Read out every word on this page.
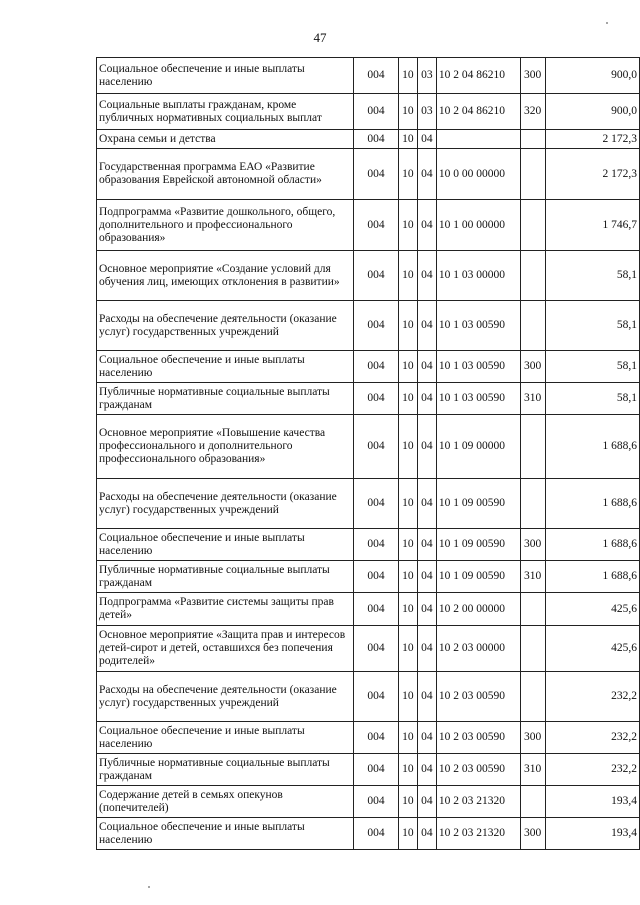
47
Социальное обеспечение и иные выплаты населению	004	10	03	10 2 04 86210	300	900,0
Социальные выплаты гражданам, кроме публичных нормативных социальных выплат	004	10	03	10 2 04 86210	320	900,0
Охрана семьи и детства	004	10	04			2 172,3
Государственная программа ЕАО «Развитие образования Еврейской автономной области»	004	10	04	10 0 00 00000		2 172,3
Подпрограмма «Развитие дошкольного, общего, дополнительного и профессионального образования»	004	10	04	10 1 00 00000		1 746,7
Основное мероприятие «Создание условий для обучения лиц, имеющих отклонения в развитии»	004	10	04	10 1 03 00000		58,1
Расходы на обеспечение деятельности (оказание услуг) государственных учреждений	004	10	04	10 1 03 00590		58,1
Социальное обеспечение и иные выплаты населению	004	10	04	10 1 03 00590	300	58,1
Публичные нормативные социальные выплаты гражданам	004	10	04	10 1 03 00590	310	58,1
Основное мероприятие «Повышение качества профессионального и дополнительного профессионального образования»	004	10	04	10 1 09 00000		1 688,6
Расходы на обеспечение деятельности (оказание услуг) государственных учреждений	004	10	04	10 1 09 00590		1 688,6
Социальное обеспечение и иные выплаты населению	004	10	04	10 1 09 00590	300	1 688,6
Публичные нормативные социальные выплаты гражданам	004	10	04	10 1 09 00590	310	1 688,6
Подпрограмма «Развитие системы защиты прав детей»	004	10	04	10 2 00 00000		425,6
Основное мероприятие «Защита прав и интересов детей-сирот и детей, оставшихся без попечения родителей»	004	10	04	10 2 03 00000		425,6
Расходы на обеспечение деятельности (оказание услуг) государственных учреждений	004	10	04	10 2 03 00590		232,2
Социальное обеспечение и иные выплаты населению	004	10	04	10 2 03 00590	300	232,2
Публичные нормативные социальные выплаты гражданам	004	10	04	10 2 03 00590	310	232,2
Содержание детей в семьях опекунов (попечителей)	004	10	04	10 2 03 21320		193,4
Социальное обеспечение и иные выплаты населению	004	10	04	10 2 03 21320	300	193,4
